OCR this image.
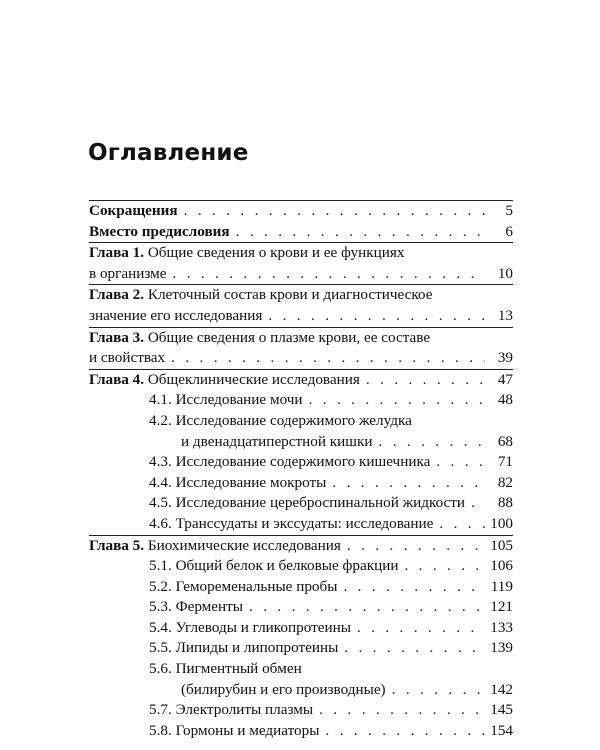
Оглавление
Сокращения . . .	5
Вместо предисловия . . .	6
Глава 1. Общие сведения о крови и ее функциях
в организме . . .	10
Глава 2. Клеточный состав крови и диагностическое
значение его исследования . . .	13
Глава 3. Общие сведения о плазме крови, ее составе
и свойствах . . .	39
Глава 4. Общеклинические исследования . . .	47
4.1. Исследование мочи . . .	48
4.2. Исследование содержимого желудка
и двенадцатиперстной кишки . . .	68
4.3. Исследование содержимого кишечника . . .	71
4.4. Исследование мокроты . . .	82
4.5. Исследование цереброспинальной жидкости . . .	88
4.6. Транссудаты и экссудаты: исследование . . .	100
Глава 5. Биохимические исследования . . .	105
5.1. Общий белок и белковые фракции . . .	106
5.2. Гемоременальные пробы . . .	119
5.3. Ферменты . . .	121
5.4. Углеводы и гликопротеины . . .	133
5.5. Липиды и липопротеины . . .	139
5.6. Пигментный обмен
(билирубин и его производные) . . .	142
5.7. Электролиты плазмы . . .	145
5.8. Гормоны и медиаторы . . .	154
